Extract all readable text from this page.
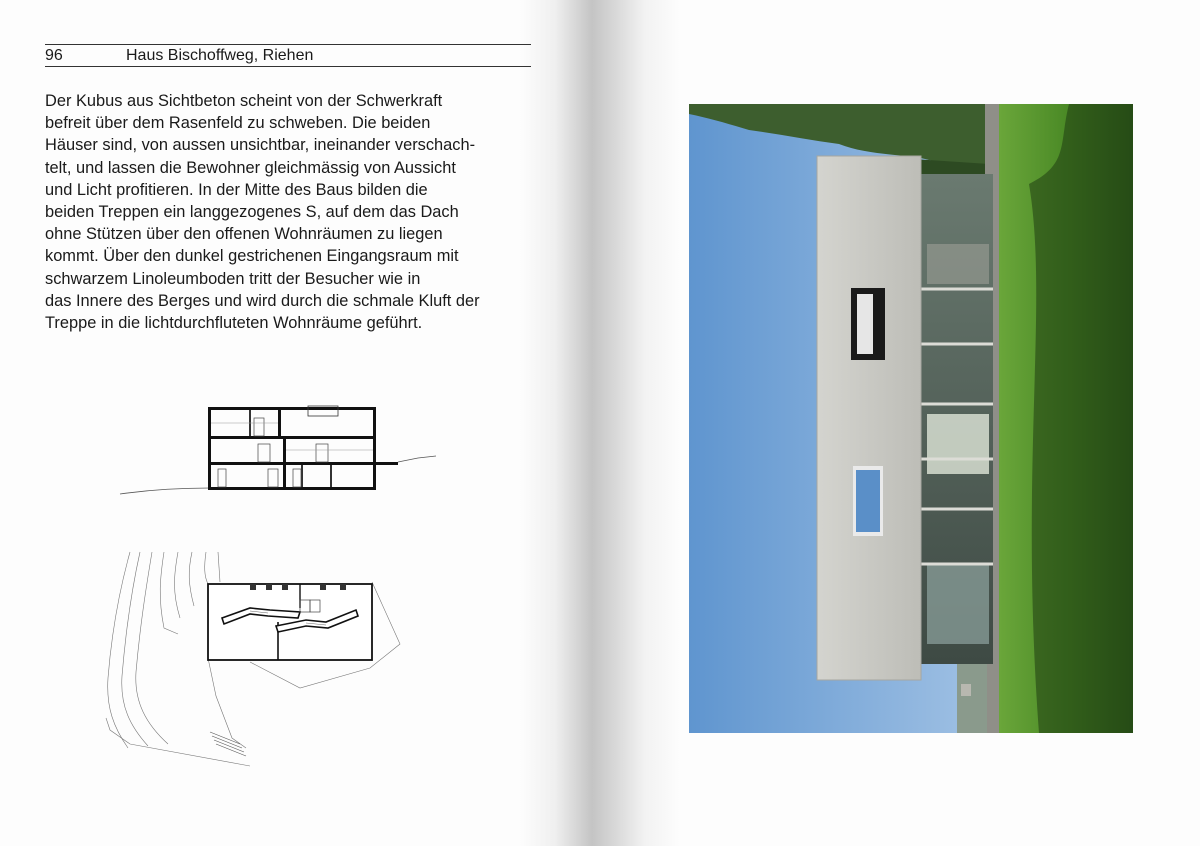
96	Haus Bischoffweg, Riehen
Der Kubus aus Sichtbeton scheint von der Schwerkraft
befreit über dem Rasenfeld zu schweben. Die beiden
Häuser sind, von aussen unsichtbar, ineinander verschach-
telt, und lassen die Bewohner gleichmässig von Aussicht
und Licht profitieren. In der Mitte des Baus bilden die
beiden Treppen ein langgezogenes S, auf dem das Dach
ohne Stützen über den offenen Wohnräumen zu liegen
kommt. Über den dunkel gestrichenen Eingangsraum mit
schwarzem Linoleumboden tritt der Besucher wie in
das Innere des Berges und wird durch die schmale Kluft der
Treppe in die lichtdurchfluteten Wohnräume geführt.
